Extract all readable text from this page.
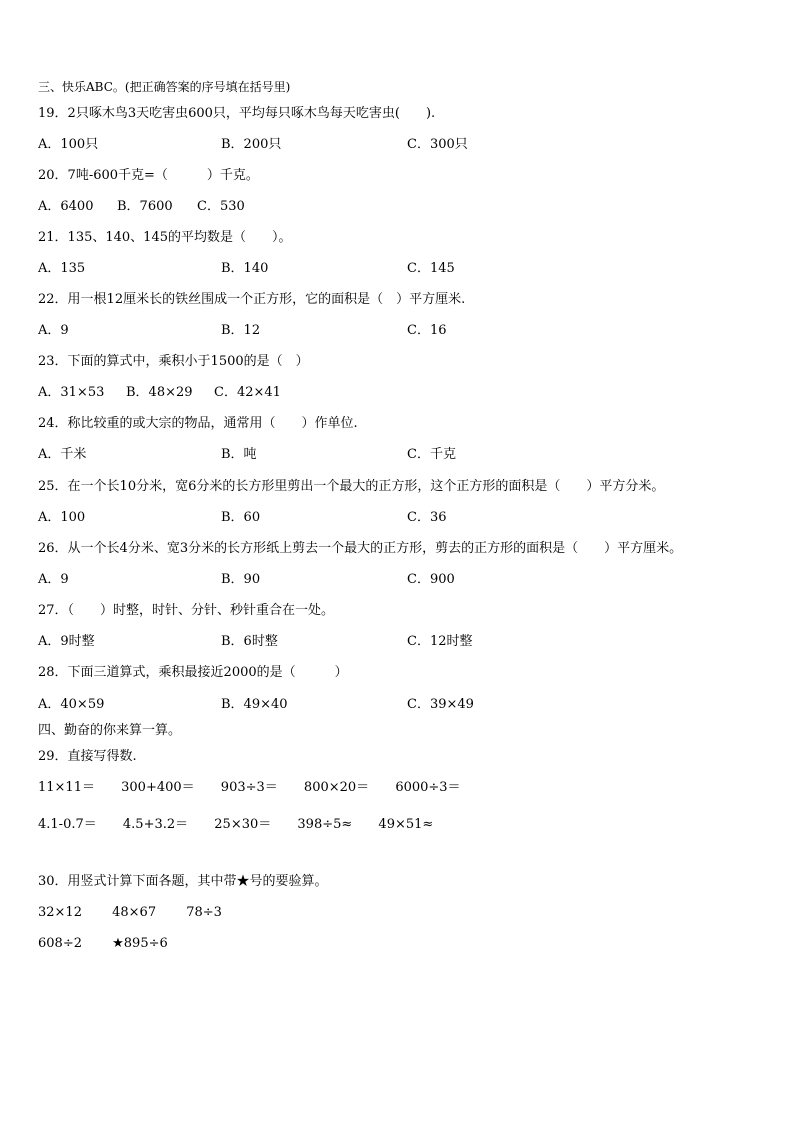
三、快乐ABC。(把正确答案的序号填在括号里)
19．2只啄木鸟3天吃害虫600只，平均每只啄木鸟每天吃害虫(　　).
A．100只	B．200只	C．300只
20．7吨-600千克=（　　　）千克。
A．6400 B．7600 C．530
21．135、140、145的平均数是（　　）。
A．135	B．140	C．145
22．用一根12厘米长的铁丝围成一个正方形，它的面积是（　）平方厘米.
A．9	B．12	C．16
23．下面的算式中，乘积小于1500的是（　）
A．31×53 B．48×29 C．42×41
24．称比较重的或大宗的物品，通常用（　　）作单位.
A．千米	B．吨	C．千克
25．在一个长10分米，宽6分米的长方形里剪出一个最大的正方形，这个正方形的面积是（　　）平方分米。
A．100	B．60	C．36
26．从一个长4分米、宽3分米的长方形纸上剪去一个最大的正方形，剪去的正方形的面积是（　　）平方厘米。
A．9	B．90	C．900
27．（　　）时整，时针、分针、秒针重合在一处。
A．9时整	B．6时整	C．12时整
28．下面三道算式，乘积最接近2000的是（　　　）
A．40×59	B．49×40	C．39×49
四、勤奋的你来算一算。
29．直接写得数.
11×11＝ 300+400＝ 903÷3＝ 800×20＝ 6000÷3＝
4.1-0.7＝ 4.5+3.2＝ 25×30＝ 398÷5≈ 49×51≈
30．用竖式计算下面各题，其中带★号的要验算。
32×12 48×67 78÷3
608÷2 ★895÷6
